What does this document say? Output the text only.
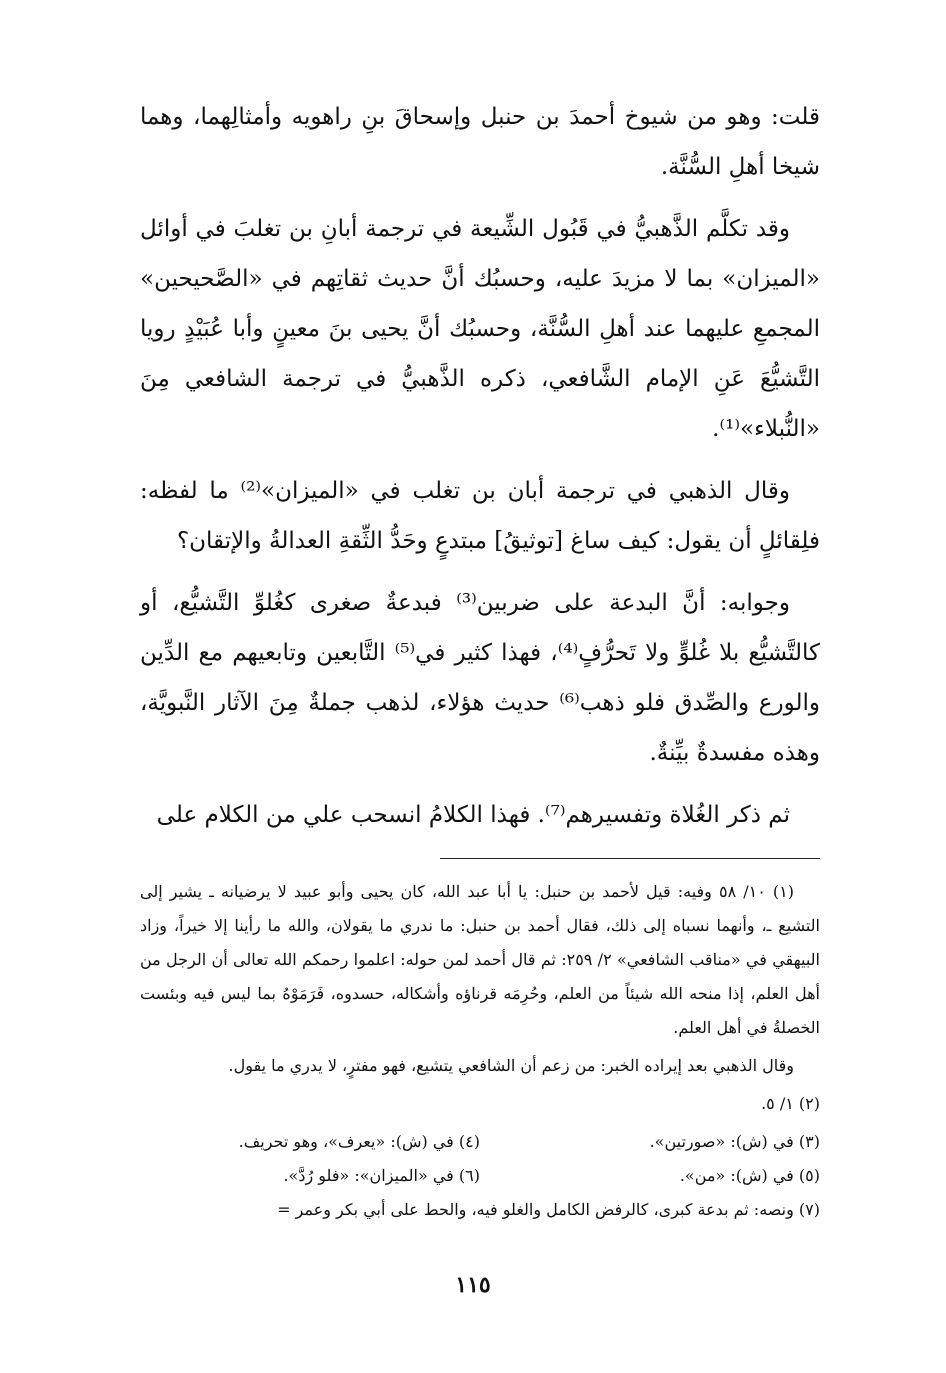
قلت: وهو من شيوخ أحمدَ بن حنبل وإسحاقَ بنِ راهويه وأمثالِهما، وهما شيخا أهلِ السُّنَّة.

وقد تكلَّم الذَّهبيُّ في قَبُول الشِّيعة في ترجمة أبانِ بن تغلبَ في أوائل «الميزان» بما لا مزيدَ عليه، وحسبُك أنَّ حديث ثقاتِهم في «الصَّحيحين» المجمعِ عليهما عند أهلِ السُّنَّة، وحسبُك أنَّ يحيى بنَ معينٍ وأبا عُبَيْدٍ رويا التَّشيُّعَ عَنِ الإمام الشَّافعي، ذكره الذَّهبيُّ في ترجمة الشافعي مِنَ «النُّبلاء»⁽¹⁾.

وقال الذهبي في ترجمة أبان بن تغلب في «الميزان»⁽²⁾ ما لفظه: فلِقائلٍ أن يقول: كيف ساغ [توثيقُ] مبتدعٍ وحَدُّ الثِّقةِ العدالةُ والإتقان؟

وجوابه: أنَّ البدعة على ضربين⁽³⁾ فبدعةٌ صغرى كغُلوِّ التَّشيُّع، أو كالتَّشيُّع بلا غُلوٍّ ولا تَحرُّفٍ⁽⁴⁾، فهذا كثير في⁽⁵⁾ التَّابعين وتابعيهم مع الدِّين والورع والصِّدق فلو ذهب⁽⁶⁾ حديث هؤلاء، لذهب جملةٌ مِنَ الآثار النَّبويَّة، وهذه مفسدةٌ بيِّنةٌ.

ثم ذكر الغُلاة وتفسيرهم⁽⁷⁾. فهذا الكلامُ انسحب علي من الكلام على

(١) ١٠/ ٥٨ وفيه: قيل لأحمد بن حنبل: يا أبا عبد الله، كان يحيى وأبو عبيد لا يرضيانه ـ يشير إلى التشيع ـ، وأنهما نسباه إلى ذلك، فقال أحمد بن حنبل: ما ندري ما يقولان، والله ما رأينا إلا خيراً، وزاد البيهقي في «مناقب الشافعي» ٢/ ٢٥٩: ثم قال أحمد لمن حوله: اعلموا رحمكم الله تعالى أن الرجل من أهل العلم، إذا منحه الله شيئاً من العلم، وحُرِمَه قرناؤه وأشكاله، حسدوه، فَرَمَوْهُ بما ليس فيه وبئست الخصلةُ في أهل العلم.

وقال الذهبي بعد إيراده الخبر: من زعم أن الشافعي يتشيع، فهو مفترٍ، لا يدري ما يقول.

(٢) ١/ ٥.

(٣) في (ش): «صورتين».
(٤) في (ش): «يعرف»، وهو تحريف.
(٥) في (ش): «من».
(٦) في «الميزان»: «فلو رُدَّ».

(٧) ونصه: ثم بدعة كبرى، كالرفض الكامل والغلو فيه، والحط على أبي بكر وعمر =

١١٥
